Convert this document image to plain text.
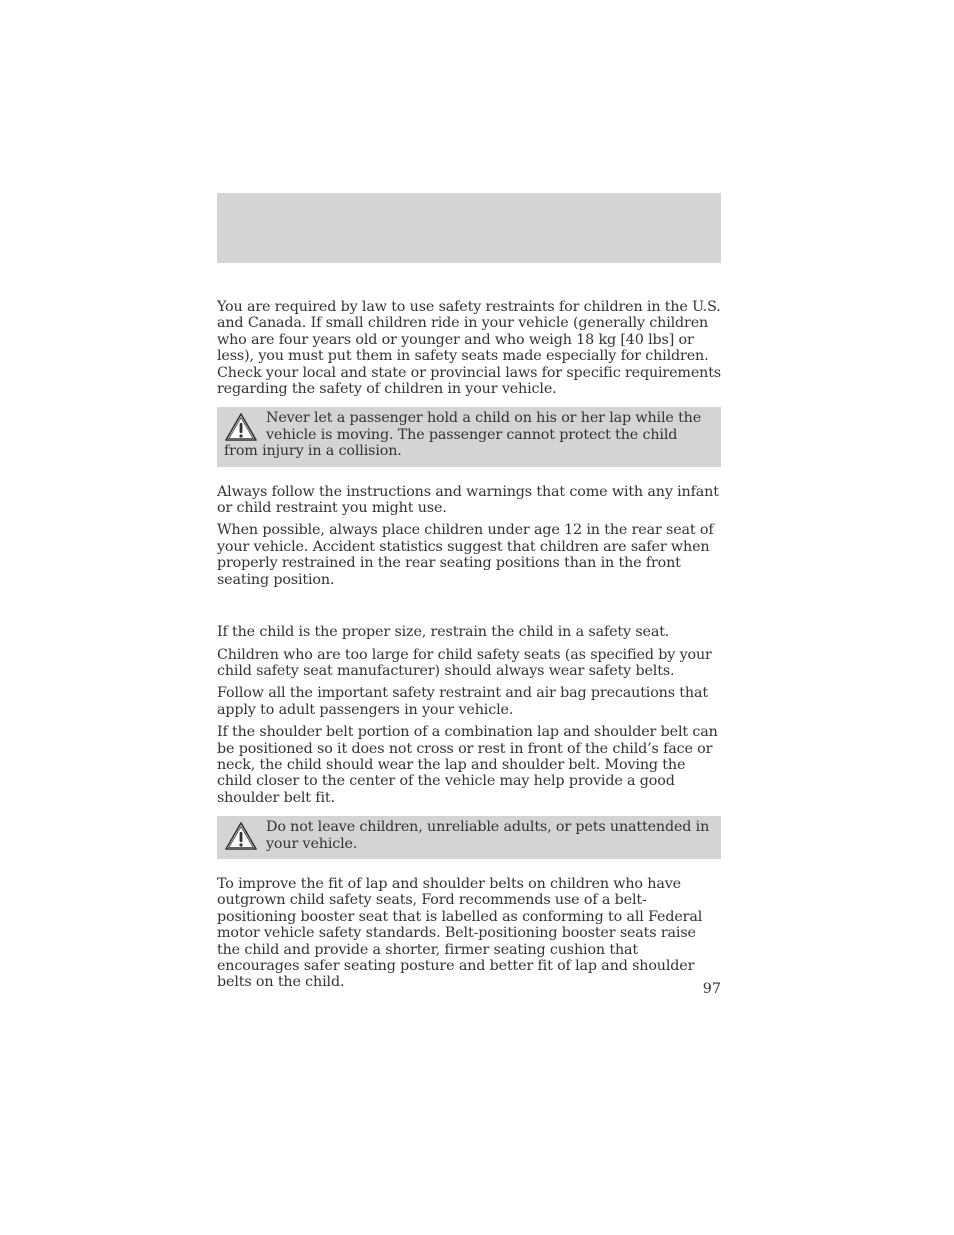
You are required by law to use safety restraints for children in the U.S. and Canada. If small children ride in your vehicle (generally children who are four years old or younger and who weigh 18 kg [40 lbs] or less), you must put them in safety seats made especially for children. Check your local and state or provincial laws for specific requirements regarding the safety of children in your vehicle.

Never let a passenger hold a child on his or her lap while the vehicle is moving. The passenger cannot protect the child from injury in a collision.

Always follow the instructions and warnings that come with any infant or child restraint you might use.

When possible, always place children under age 12 in the rear seat of your vehicle. Accident statistics suggest that children are safer when properly restrained in the rear seating positions than in the front seating position.

If the child is the proper size, restrain the child in a safety seat.

Children who are too large for child safety seats (as specified by your child safety seat manufacturer) should always wear safety belts.

Follow all the important safety restraint and air bag precautions that apply to adult passengers in your vehicle.

If the shoulder belt portion of a combination lap and shoulder belt can be positioned so it does not cross or rest in front of the child’s face or neck, the child should wear the lap and shoulder belt. Moving the child closer to the center of the vehicle may help provide a good shoulder belt fit.

Do not leave children, unreliable adults, or pets unattended in your vehicle.

To improve the fit of lap and shoulder belts on children who have outgrown child safety seats, Ford recommends use of a belt-positioning booster seat that is labelled as conforming to all Federal motor vehicle safety standards. Belt-positioning booster seats raise the child and provide a shorter, firmer seating cushion that encourages safer seating posture and better fit of lap and shoulder belts on the child.	97
